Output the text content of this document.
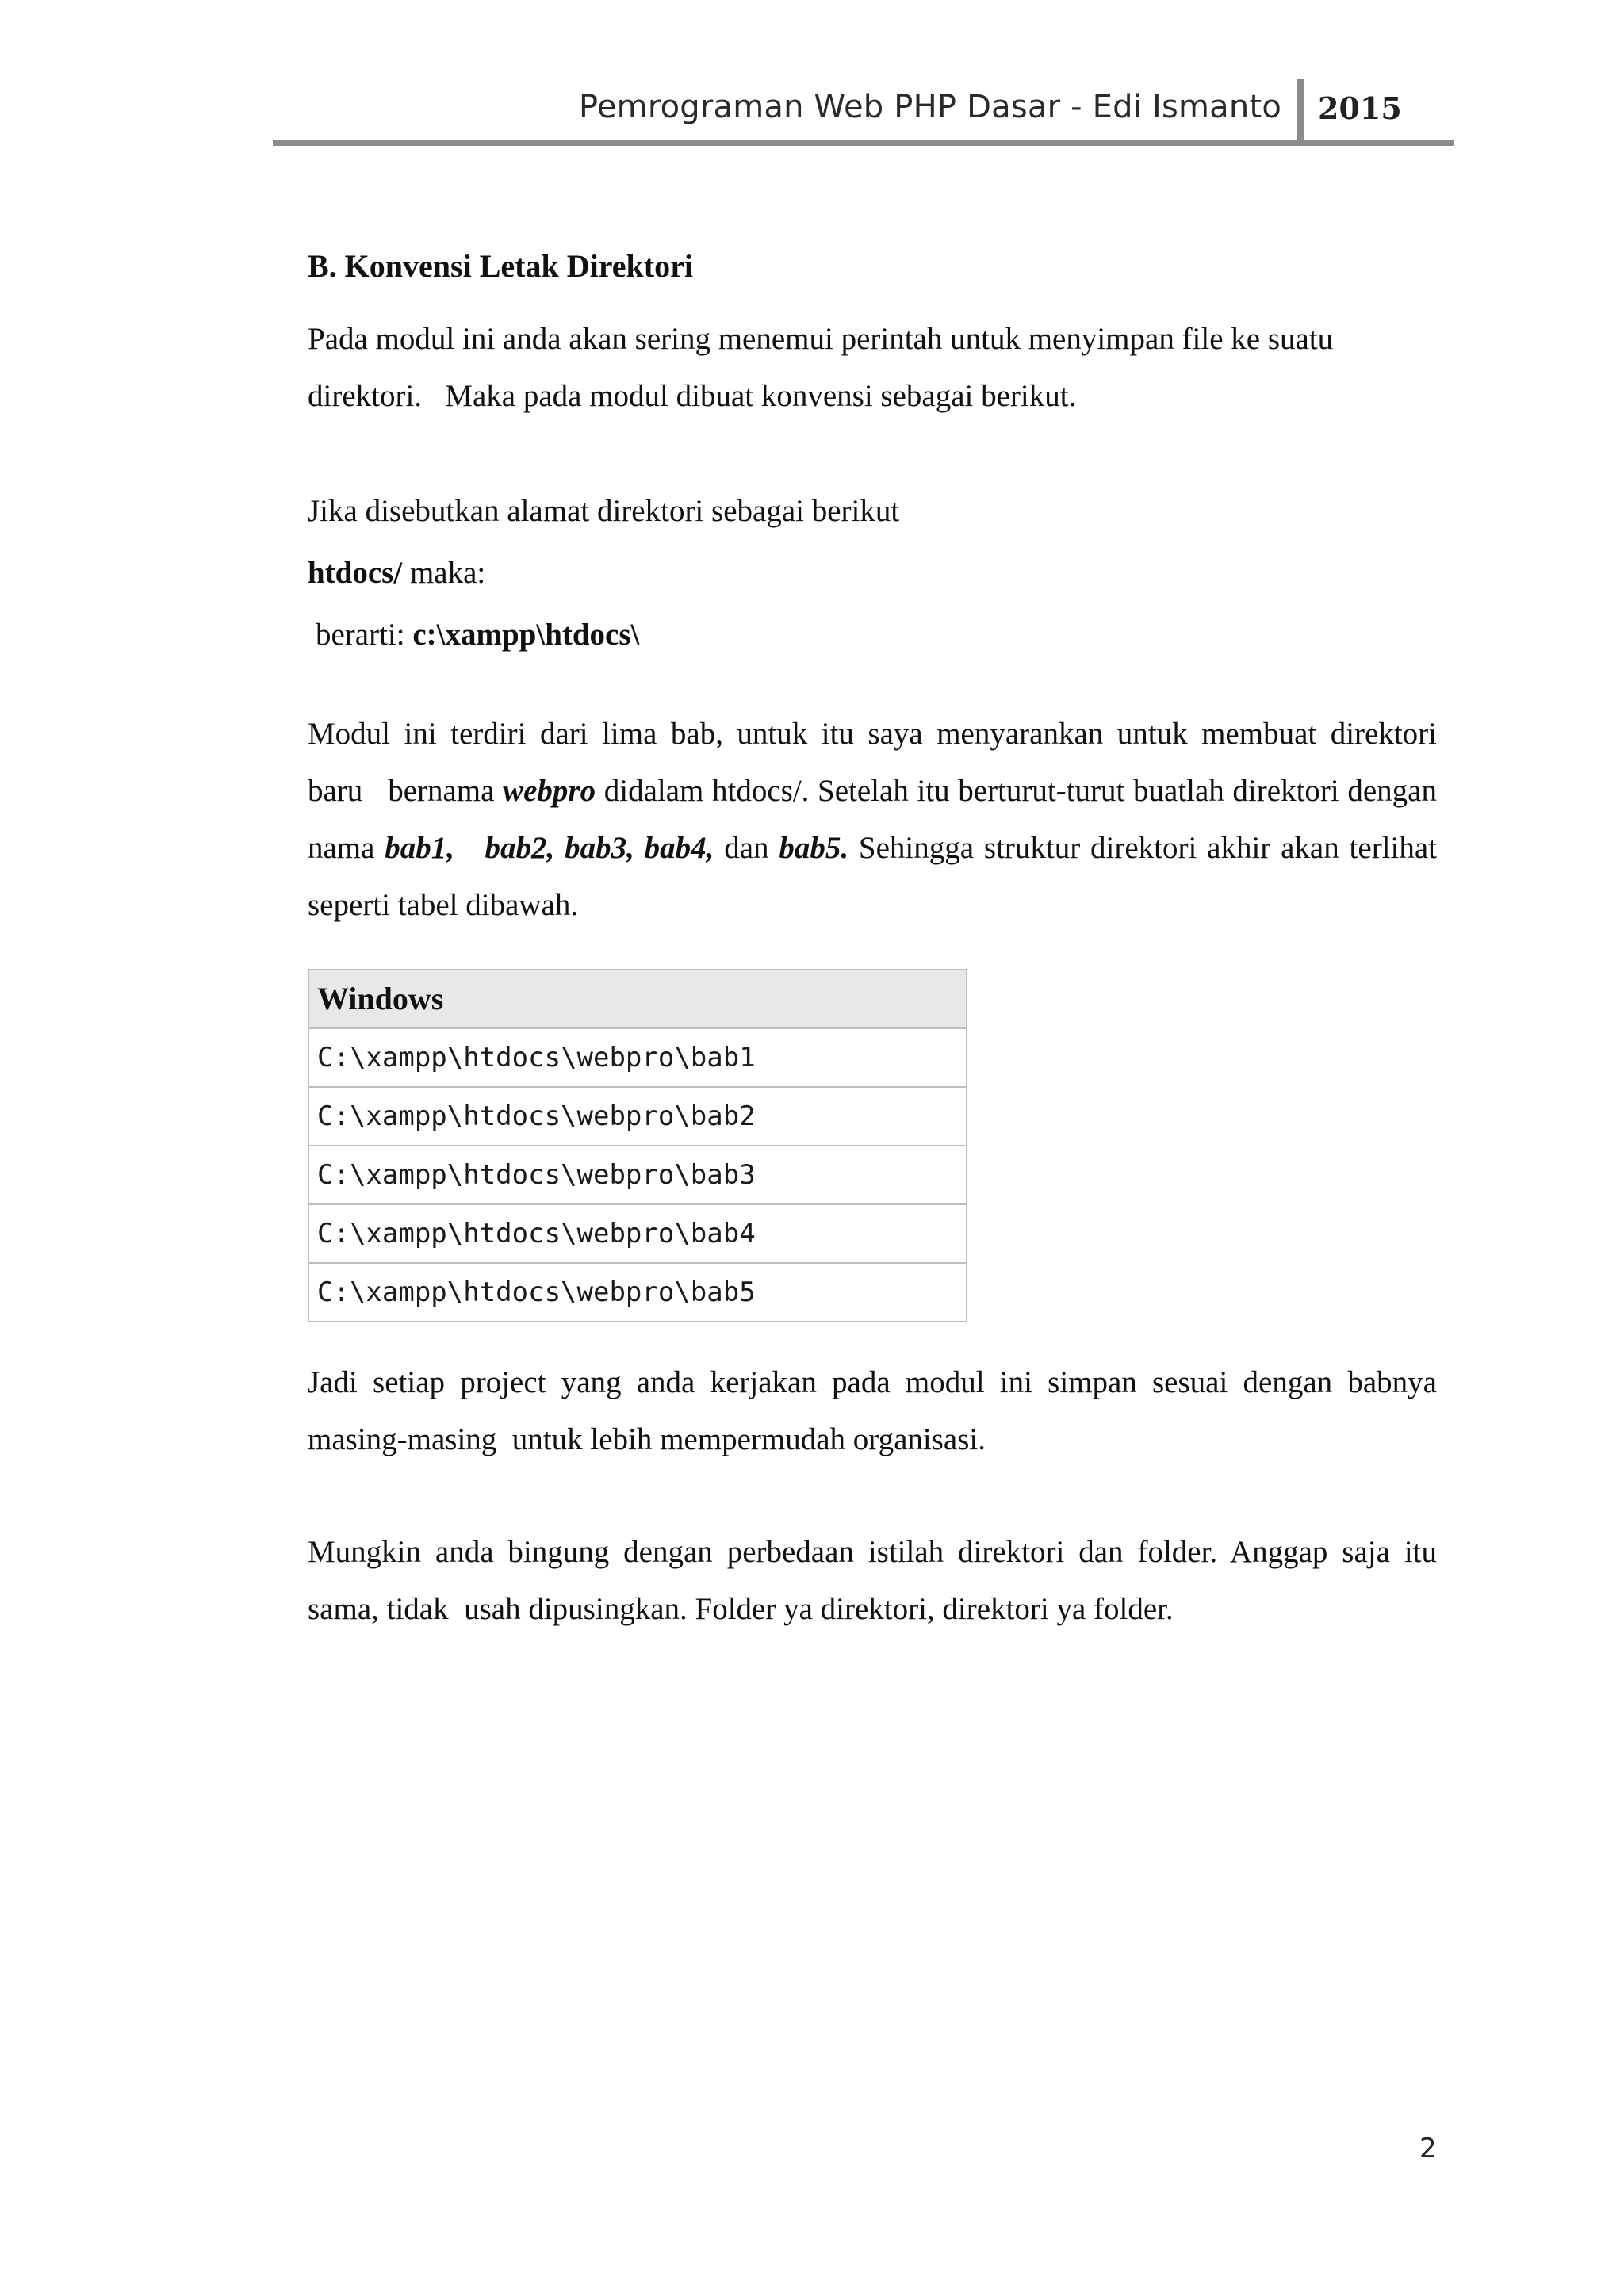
Pemrograman Web PHP Dasar - Edi Ismanto 2015
B. Konvensi Letak Direktori

Pada modul ini anda akan sering menemui perintah untuk menyimpan file ke suatu
direktori.   Maka pada modul dibuat konvensi sebagai berikut.

Jika disebutkan alamat direktori sebagai berikut

htdocs/ maka:

berarti: c:\xampp\htdocs\

Modul ini terdiri dari lima bab, untuk itu saya menyarankan untuk membuat direktori baru   bernama webpro didalam htdocs/. Setelah itu berturut-turut buatlah direktori dengan nama bab1, bab2, bab3, bab4, dan bab5. Sehingga struktur direktori akhir akan terlihat seperti tabel dibawah.

Windows
C:\xampp\htdocs\webpro\bab1
C:\xampp\htdocs\webpro\bab2
C:\xampp\htdocs\webpro\bab3
C:\xampp\htdocs\webpro\bab4
C:\xampp\htdocs\webpro\bab5

Jadi setiap project yang anda kerjakan pada modul ini simpan sesuai dengan babnya masing-masing  untuk lebih mempermudah organisasi.

Mungkin anda bingung dengan perbedaan istilah direktori dan folder. Anggap saja itu sama, tidak  usah dipusingkan. Folder ya direktori, direktori ya folder.

2
